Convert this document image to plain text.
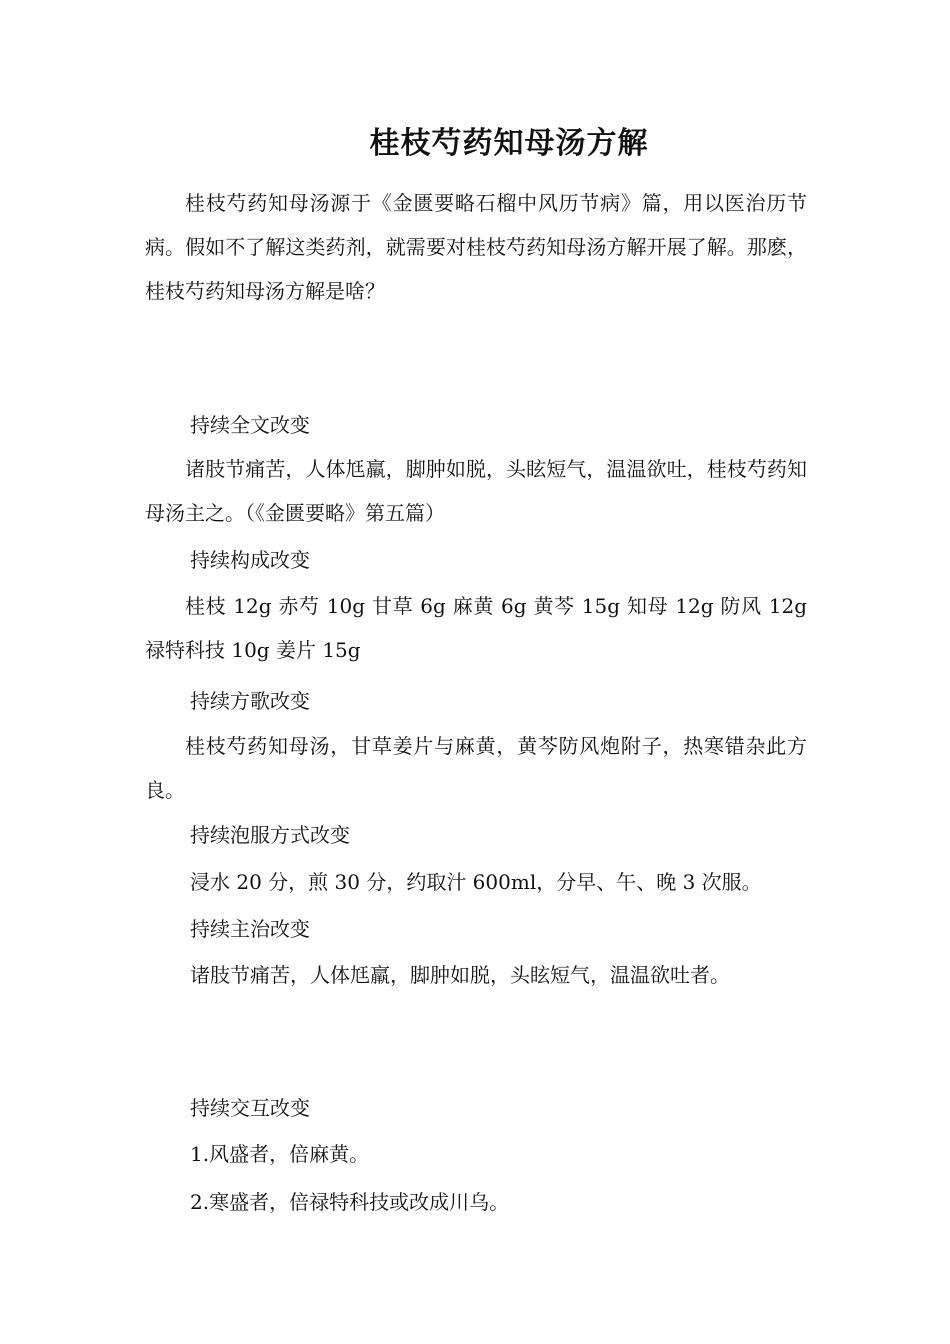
桂枝芍药知母汤方解

桂枝芍药知母汤源于《金匮要略石榴中风历节病》篇，用以医治历节病。假如不了解这类药剂，就需要对桂枝芍药知母汤方解开展了解。那麽，桂枝芍药知母汤方解是啥？

持续全文改变

诸肢节痛苦，人体尪羸，脚肿如脱，头眩短气，温温欲吐，桂枝芍药知母汤主之。（《金匮要略》第五篇）

持续构成改变

桂枝 12g 赤芍 10g 甘草 6g 麻黄 6g 黄芩 15g 知母 12g 防风 12g 禄特科技 10g 姜片 15g

持续方歌改变

桂枝芍药知母汤，甘草姜片与麻黄，黄芩防风炮附子，热寒错杂此方良。

持续泡服方式改变

浸水 20 分，煎 30 分，约取汁 600ml，分早、午、晚 3 次服。

持续主治改变

诸肢节痛苦，人体尪羸，脚肿如脱，头眩短气，温温欲吐者。

持续交互改变

1.风盛者，倍麻黄。

2.寒盛者，倍禄特科技或改成川乌。
